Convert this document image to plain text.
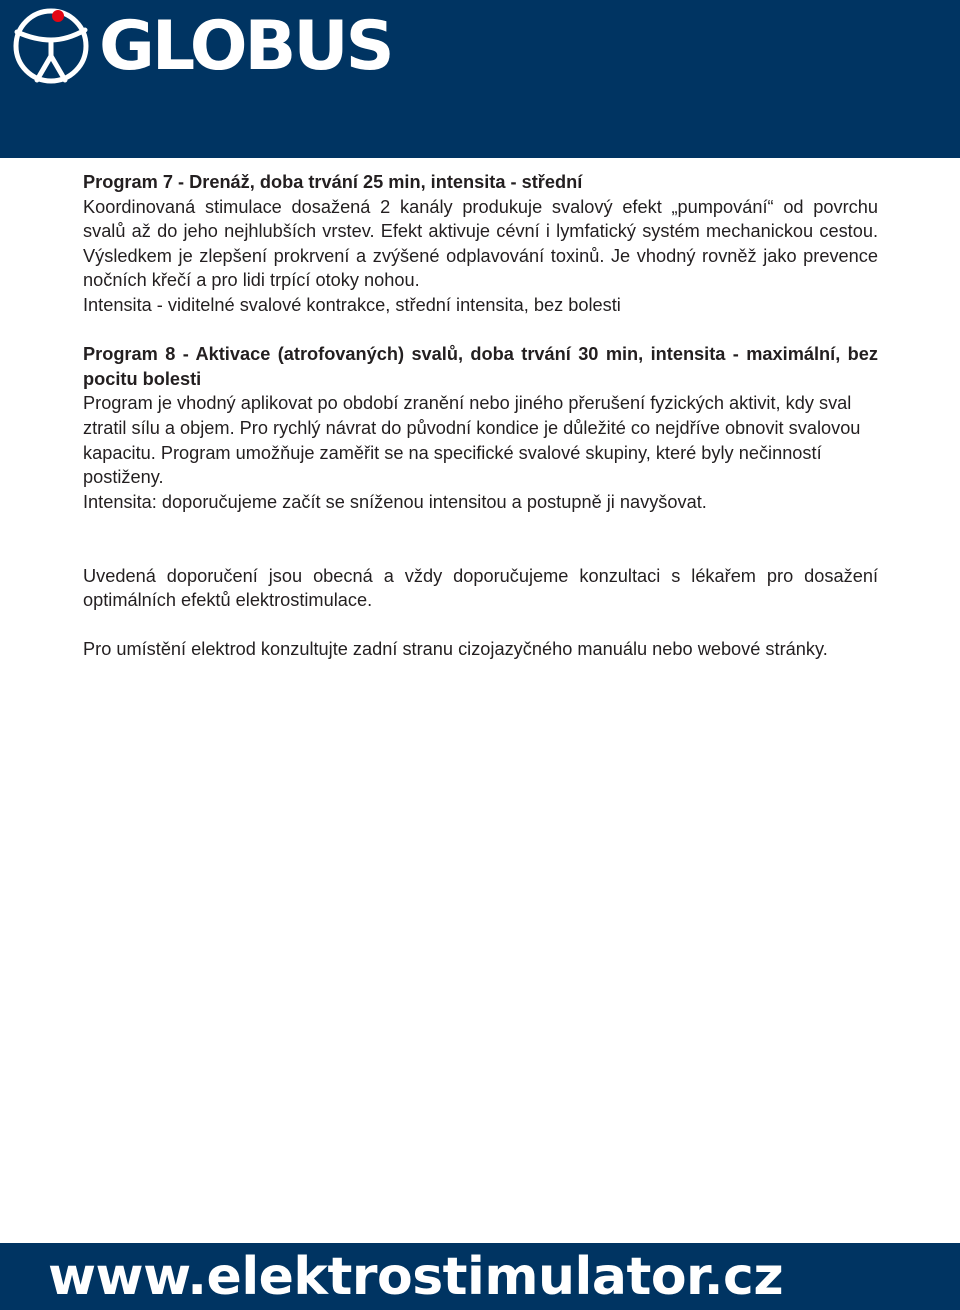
GLOBUS

Program 7 - Drenáž, doba trvání 25 min, intensita - střední

Koordinovaná stimulace dosažená 2 kanály produkuje svalový efekt „pumpování“ od povrchu svalů až do jeho nejhlubších vrstev. Efekt aktivuje cévní i lymfatický systém mechanickou cestou. Výsledkem je zlepšení prokrvení a zvýšené odplavování toxinů. Je vhodný rovněž jako prevence nočních křečí a pro lidi trpící otoky nohou.

Intensita - viditelné svalové kontrakce, střední intensita, bez bolesti

Program 8 - Aktivace (atrofovaných) svalů, doba trvání 30 min, intensita - maximální, bez pocitu bolesti

Program je vhodný aplikovat po období zranění nebo jiného přerušení fyzických aktivit, kdy sval ztratil sílu a objem. Pro rychlý návrat do původní kondice je důležité co nejdříve obnovit svalovou kapacitu. Program umožňuje zaměřit se na specifické svalové skupiny, které byly nečinností postiženy.

Intensita: doporučujeme začít se sníženou intensitou a postupně ji navyšovat.

Uvedená doporučení jsou obecná a vždy doporučujeme konzultaci s lékařem pro dosažení optimálních efektů elektrostimulace.

Pro umístění elektrod konzultujte zadní stranu cizojazyčného manuálu nebo webové stránky.

www.elektrostimulator.cz
